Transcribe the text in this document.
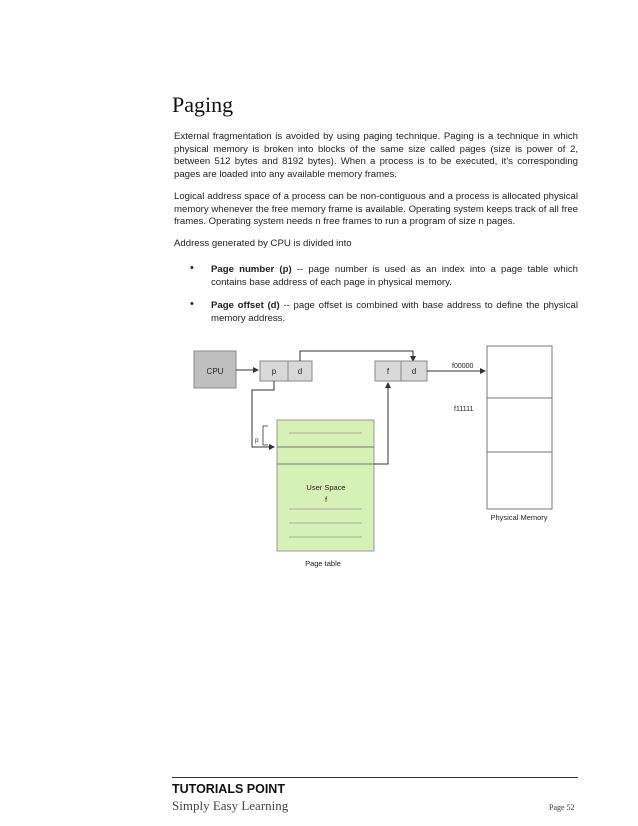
Paging
External fragmentation is avoided by using paging technique. Paging is a technique in which physical memory is broken into blocks of the same size called pages (size is power of 2, between 512 bytes and 8192 bytes). When a process is to be executed, it's corresponding pages are loaded into any available memory frames.
Logical address space of a process can be non-contiguous and a process is allocated physical memory whenever the free memory frame is available. Operating system keeps track of all free frames. Operating system needs n free frames to run a program of size n pages.
Address generated by CPU is divided into
• Page number (p) -- page number is used as an index into a page table which contains base address of each page in physical memory.
• Page offset (d) -- page offset is combined with base address to define the physical memory address.
CPU	p	d	f	d
p
User Space
f
Page table
f00000
f11111
Physical Memory
TUTORIALS POINT
Simply Easy Learning	Page 52
